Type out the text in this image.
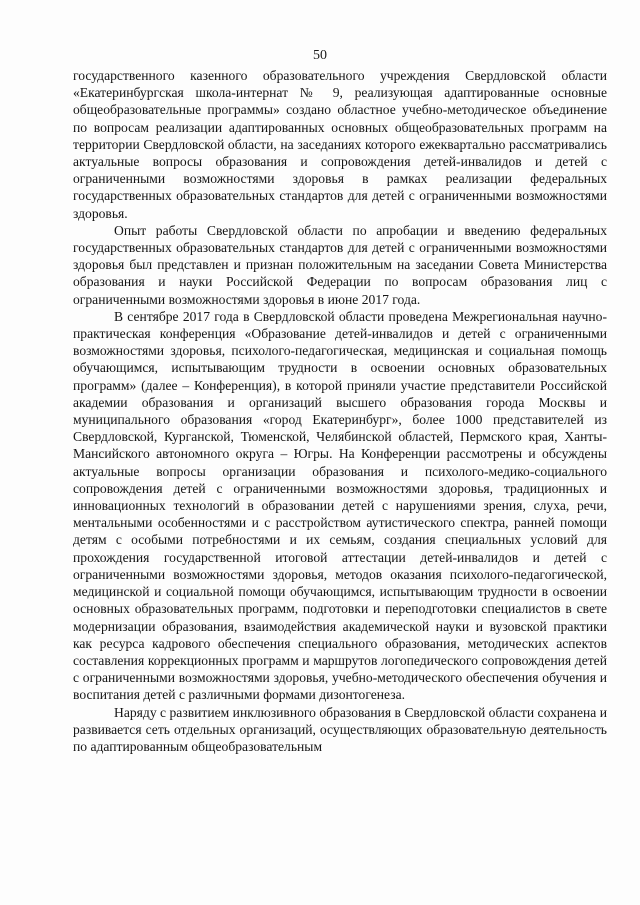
50

государственного казенного образовательного учреждения Свердловской области «Екатеринбургская школа-интернат № 9, реализующая адаптированные основные общеобразовательные программы» создано областное учебно-методическое объединение по вопросам реализации адаптированных основных общеобразовательных программ на территории Свердловской области, на заседаниях которого ежеквартально рассматривались актуальные вопросы образования и сопровождения детей-инвалидов и детей с ограниченными возможностями здоровья в рамках реализации федеральных государственных образовательных стандартов для детей с ограниченными возможностями здоровья.

Опыт работы Свердловской области по апробации и введению федеральных государственных образовательных стандартов для детей с ограниченными возможностями здоровья был представлен и признан положительным на заседании Совета Министерства образования и науки Российской Федерации по вопросам образования лиц с ограниченными возможностями здоровья в июне 2017 года.

В сентябре 2017 года в Свердловской области проведена Межрегиональная научно-практическая конференция «Образование детей-инвалидов и детей с ограниченными возможностями здоровья, психолого-педагогическая, медицинская и социальная помощь обучающимся, испытывающим трудности в освоении основных образовательных программ» (далее – Конференция), в которой приняли участие представители Российской академии образования и организаций высшего образования города Москвы и муниципального образования «город Екатеринбург», более 1000 представителей из Свердловской, Курганской, Тюменской, Челябинской областей, Пермского края, Ханты-Мансийского автономного округа – Югры. На Конференции рассмотрены и обсуждены актуальные вопросы организации образования и психолого-медико-социального сопровождения детей с ограниченными возможностями здоровья, традиционных и инновационных технологий в образовании детей с нарушениями зрения, слуха, речи, ментальными особенностями и с расстройством аутистического спектра, ранней помощи детям с особыми потребностями и их семьям, создания специальных условий для прохождения государственной итоговой аттестации детей-инвалидов и детей с ограниченными возможностями здоровья, методов оказания психолого-педагогической, медицинской и социальной помощи обучающимся, испытывающим трудности в освоении основных образовательных программ, подготовки и переподготовки специалистов в свете модернизации образования, взаимодействия академической науки и вузовской практики как ресурса кадрового обеспечения специального образования, методических аспектов составления коррекционных программ и маршрутов логопедического сопровождения детей с ограниченными возможностями здоровья, учебно-методического обеспечения обучения и воспитания детей с различными формами дизонтогенеза.

Наряду с развитием инклюзивного образования в Свердловской области сохранена и развивается сеть отдельных организаций, осуществляющих образовательную деятельность по адаптированным общеобразовательным
